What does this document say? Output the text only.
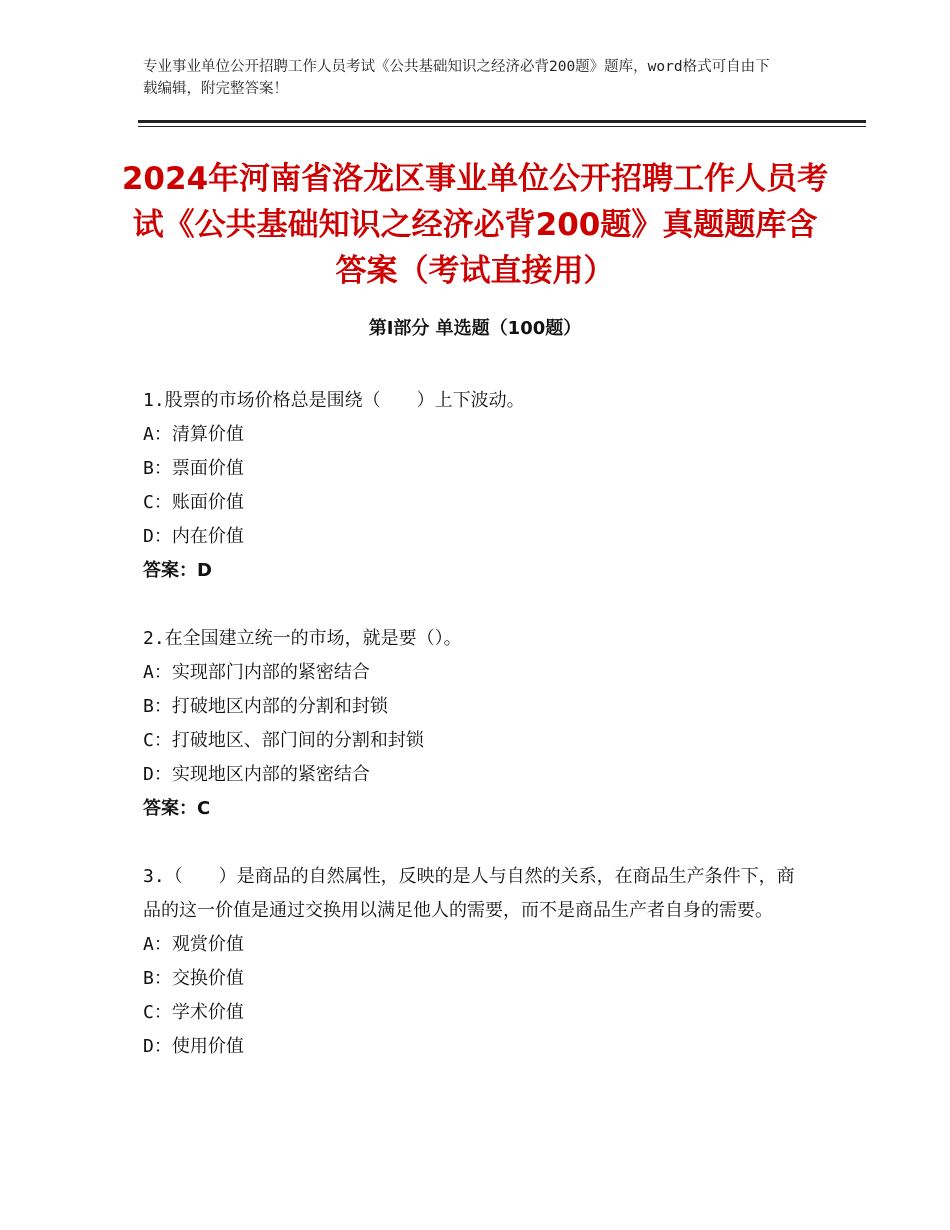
专业事业单位公开招聘工作人员考试《公共基础知识之经济必背200题》题库，word格式可自由下载编辑，附完整答案！
2024年河南省洛龙区事业单位公开招聘工作人员考试《公共基础知识之经济必背200题》真题题库含答案（考试直接用）
第Ⅰ部分 单选题（100题）
1.股票的市场价格总是围绕（　　）上下波动。
A：清算价值
B：票面价值
C：账面价值
D：内在价值
答案：D
2.在全国建立统一的市场，就是要（）。
A：实现部门内部的紧密结合
B：打破地区内部的分割和封锁
C：打破地区、部门间的分割和封锁
D：实现地区内部的紧密结合
答案：C
3.（　　）是商品的自然属性，反映的是人与自然的关系，在商品生产条件下，商品的这一价值是通过交换用以满足他人的需要，而不是商品生产者自身的需要。
A：观赏价值
B：交换价值
C：学术价值
D：使用价值
